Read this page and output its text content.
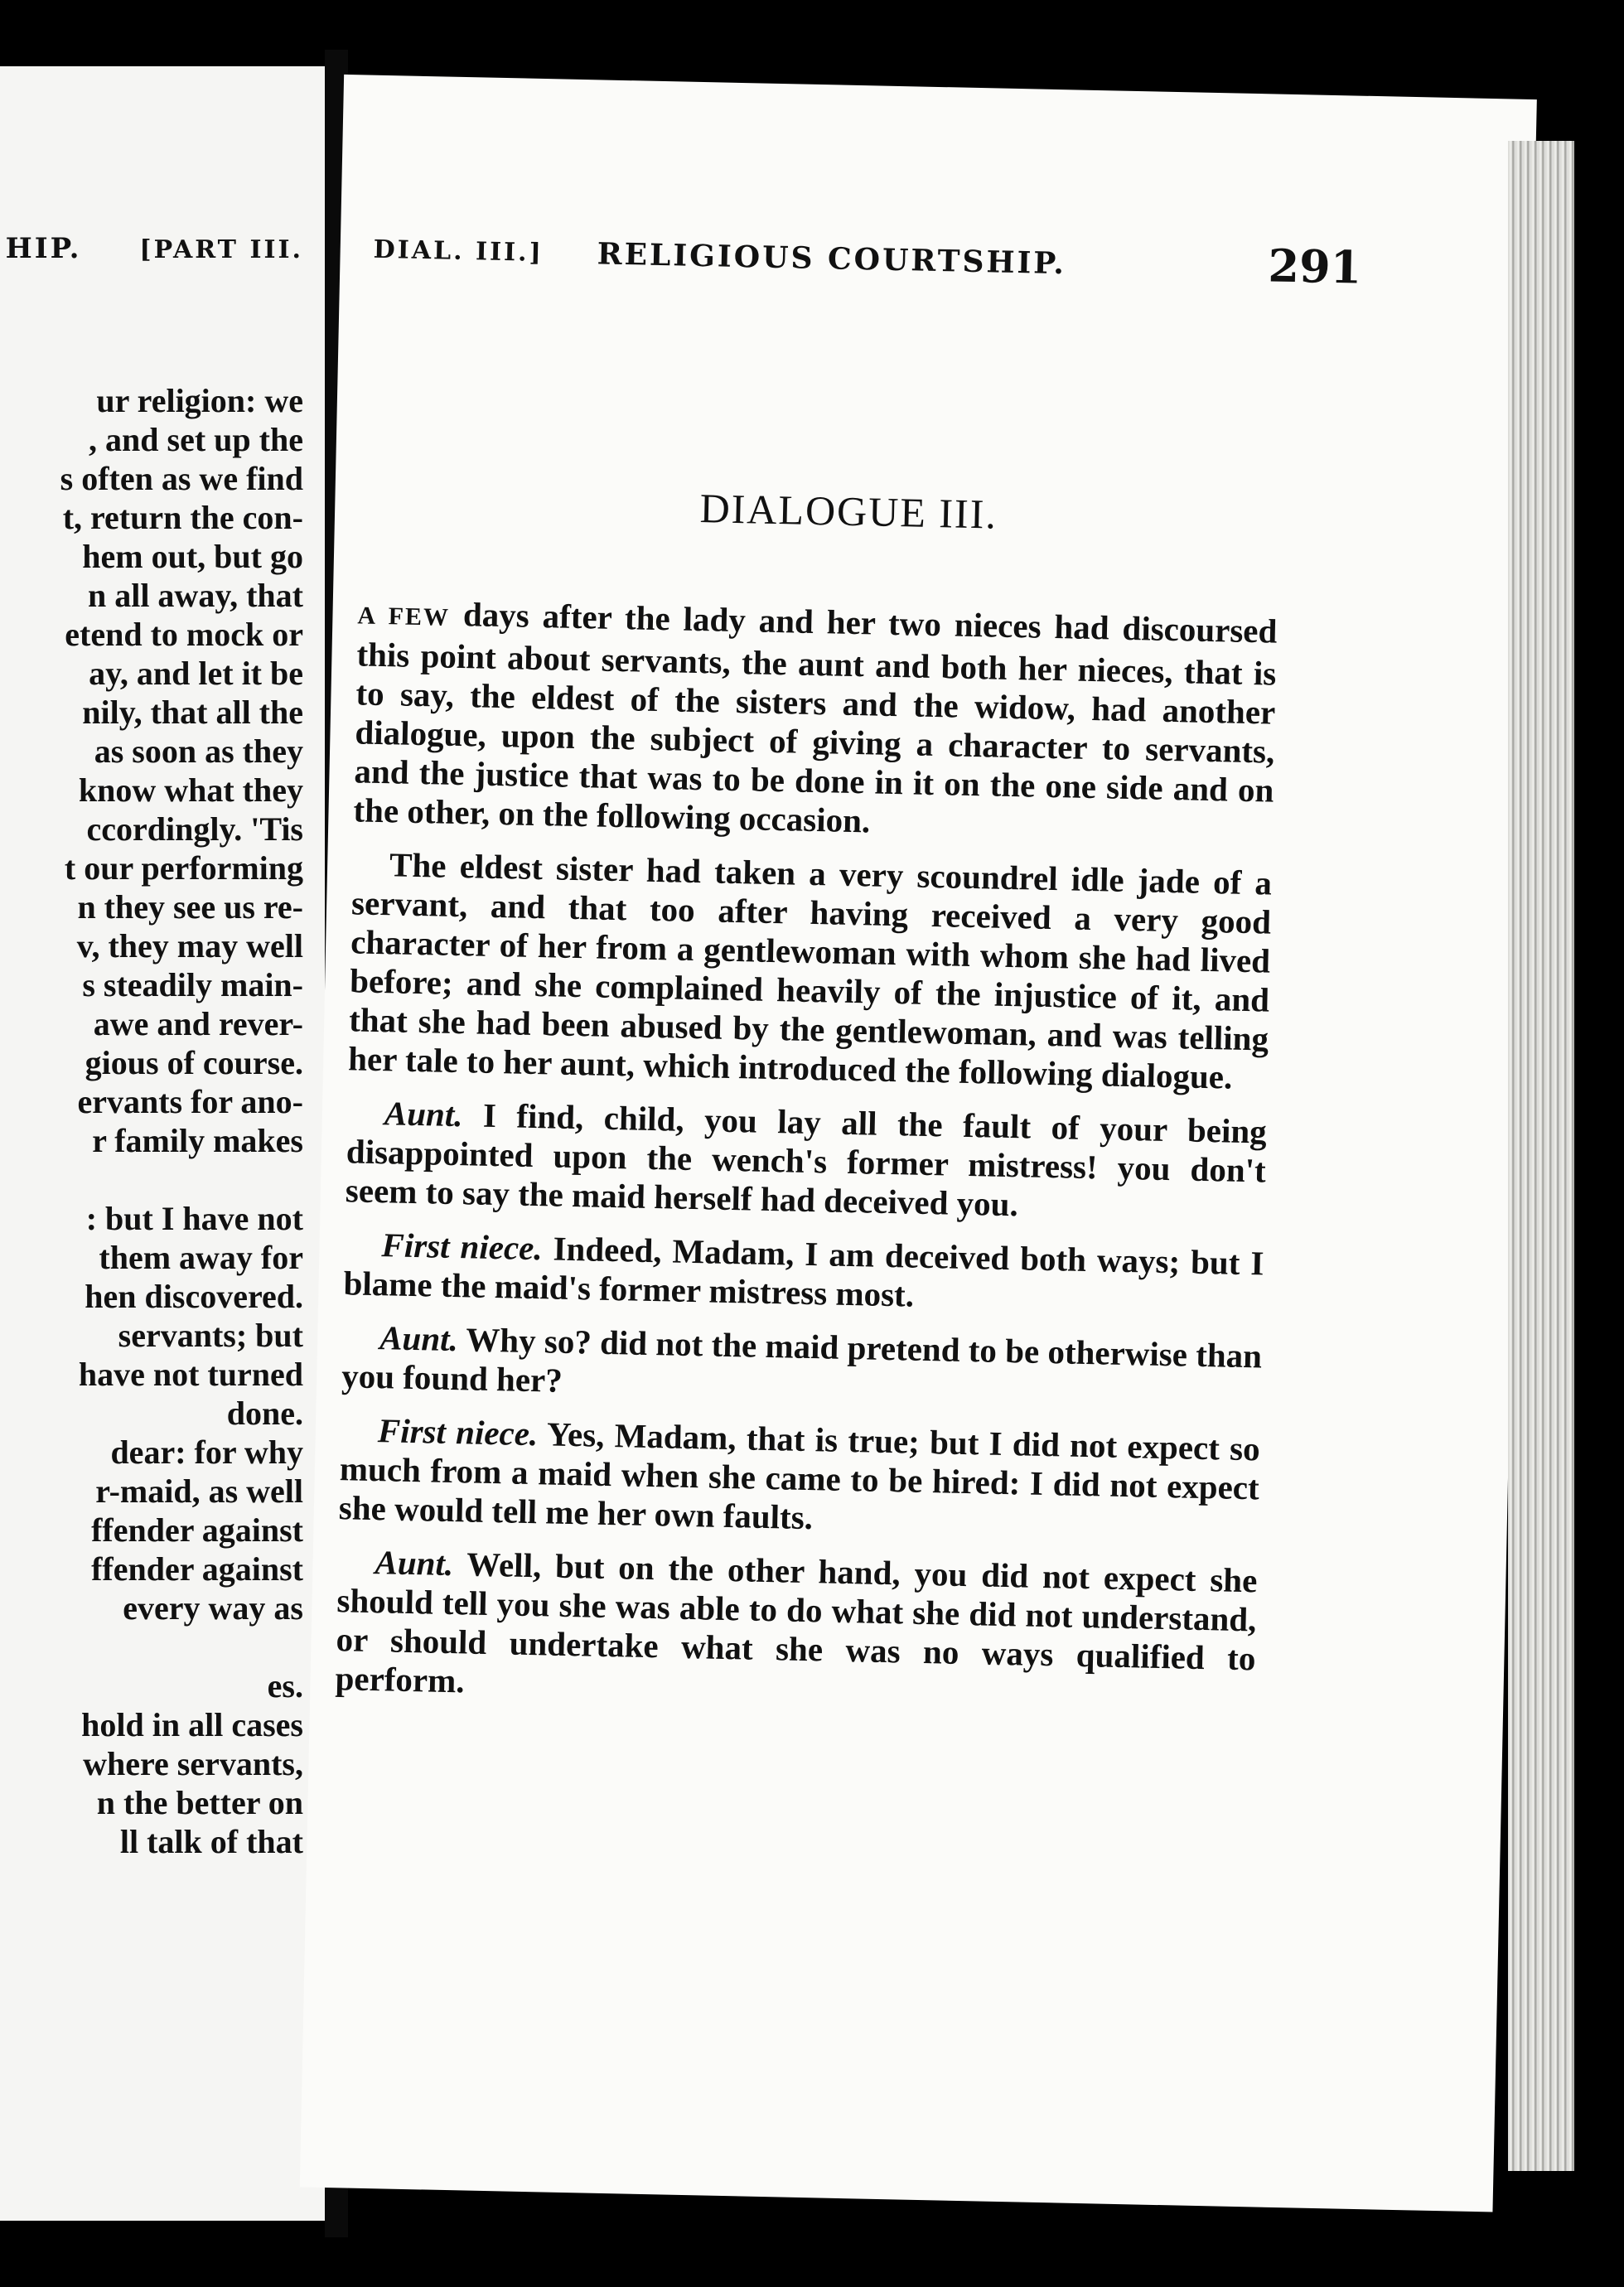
HIP. [PART III.
ur religion: we
, and set up the
s often as we find
t, return the con-
hem out, but go
n all away, that
etend to mock or
ay, and let it be
nily, that all the
as soon as they
know what they
ccordingly. 'Tis
t our performing
n they see us re-
v, they may well
s steadily main-
awe and rever-
gious of course.
ervants for ano-
r family makes
: but I have not
them away for
hen discovered.
servants; but
have not turned
done.
dear: for why
r-maid, as well
ffender against
ffender against
every way as
es.
hold in all cases
where servants,
n the better on
ll talk of that
DIAL. III.] RELIGIOUS COURTSHIP.	291
DIALOGUE III.

A FEW days after the lady and her two nieces had discoursed this point about servants, the aunt and both her nieces, that is to say, the eldest of the sisters and the widow, had another dialogue, upon the subject of giving a character to servants, and the justice that was to be done in it on the one side and on the other, on the following occasion.

The eldest sister had taken a very scoundrel idle jade of a servant, and that too after having received a very good character of her from a gentlewoman with whom she had lived before; and she complained heavily of the injustice of it, and that she had been abused by the gentlewoman, and was telling her tale to her aunt, which introduced the following dialogue.

Aunt. I find, child, you lay all the fault of your being disappointed upon the wench's former mistress! you don't seem to say the maid herself had deceived you.

First niece. Indeed, Madam, I am deceived both ways; but I blame the maid's former mistress most.

Aunt. Why so? did not the maid pretend to be otherwise than you found her?

First niece. Yes, Madam, that is true; but I did not expect so much from a maid when she came to be hired: I did not expect she would tell me her own faults.

Aunt. Well, but on the other hand, you did not expect she should tell you she was able to do what she did not understand, or should undertake what she was no ways qualified to perform.
